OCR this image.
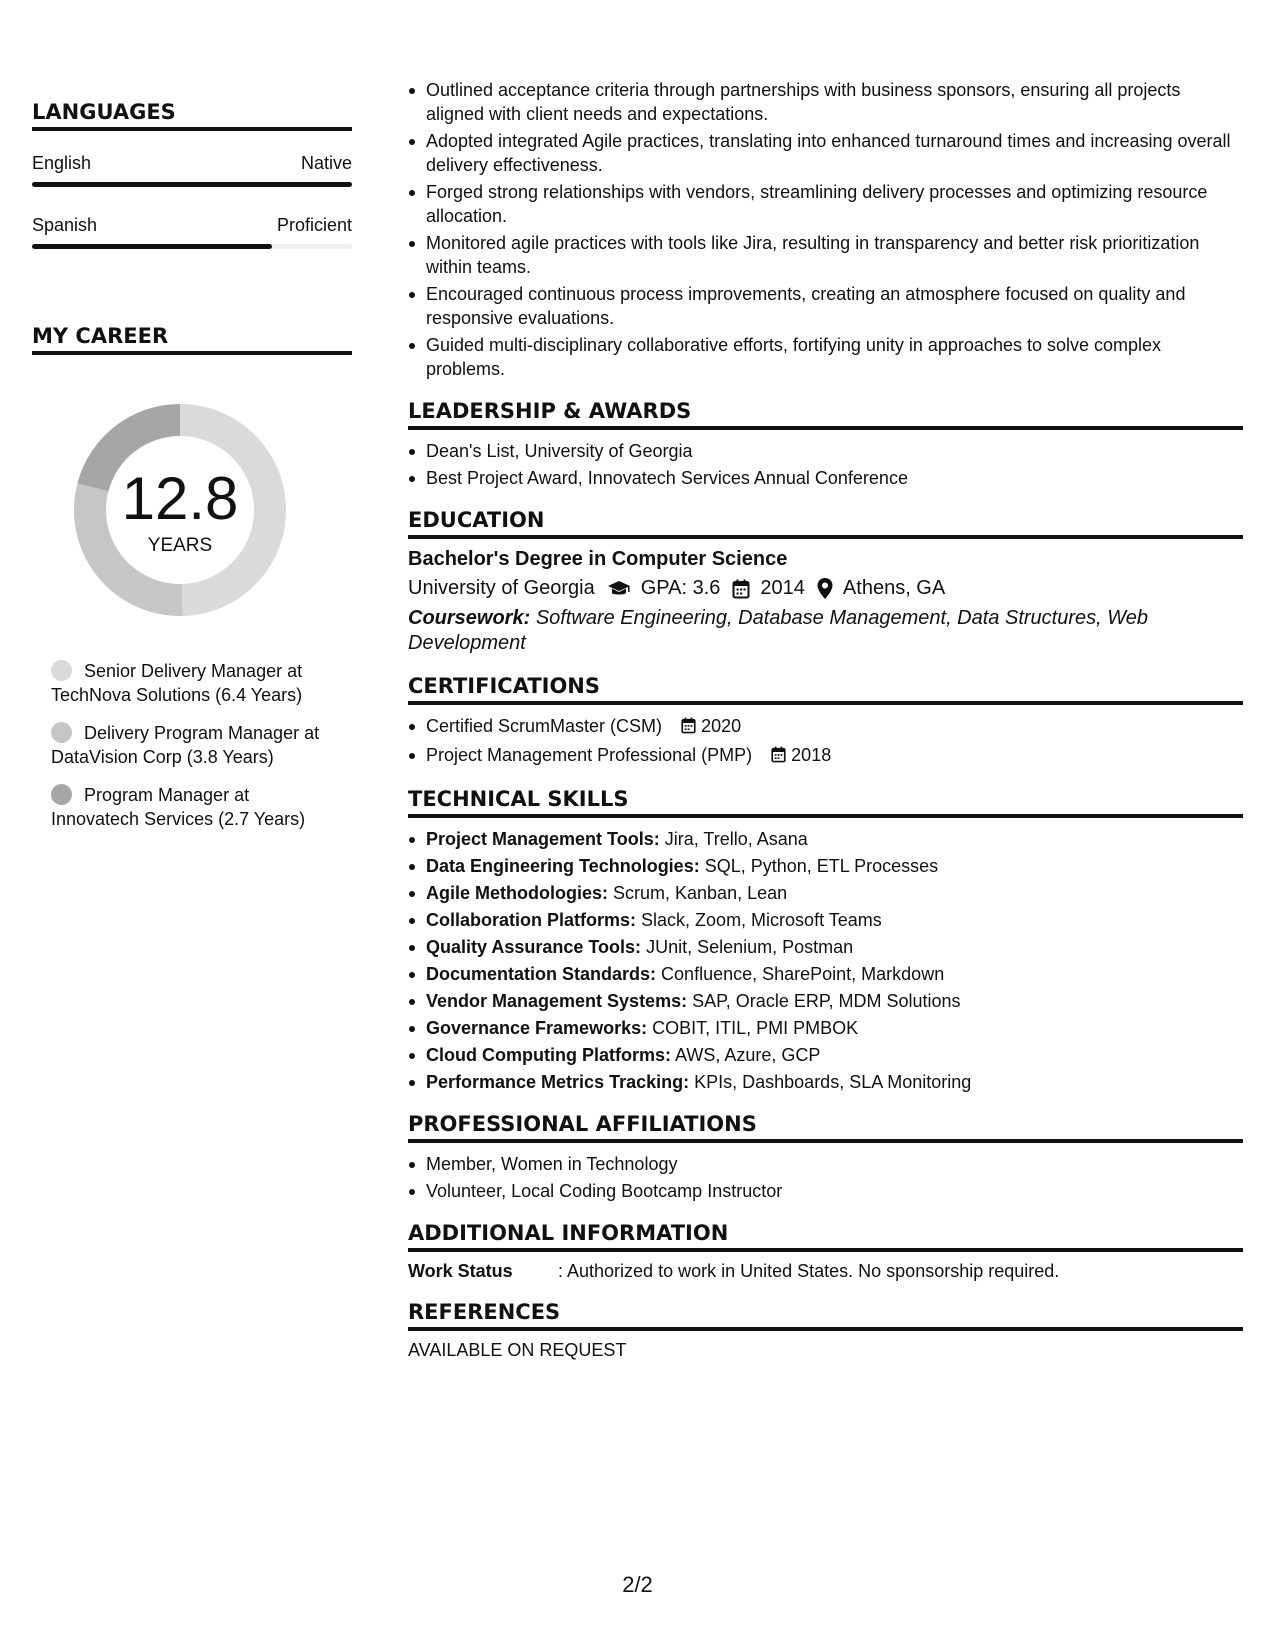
LANGUAGES
English	Native
Spanish	Proficient
MY CAREER
12.8
YEARS
Senior Delivery Manager at TechNova Solutions (6.4 Years)
Delivery Program Manager at DataVision Corp (3.8 Years)
Program Manager at Innovatech Services (2.7 Years)
Outlined acceptance criteria through partnerships with business sponsors, ensuring all projects aligned with client needs and expectations.
Adopted integrated Agile practices, translating into enhanced turnaround times and increasing overall delivery effectiveness.
Forged strong relationships with vendors, streamlining delivery processes and optimizing resource allocation.
Monitored agile practices with tools like Jira, resulting in transparency and better risk prioritization within teams.
Encouraged continuous process improvements, creating an atmosphere focused on quality and responsive evaluations.
Guided multi-disciplinary collaborative efforts, fortifying unity in approaches to solve complex problems.
LEADERSHIP & AWARDS
Dean's List, University of Georgia
Best Project Award, Innovatech Services Annual Conference
EDUCATION
Bachelor's Degree in Computer Science
University of Georgia GPA: 3.6 2014 Athens, GA
Coursework: Software Engineering, Database Management, Data Structures, Web Development
CERTIFICATIONS
Certified ScrumMaster (CSM) 2020
Project Management Professional (PMP) 2018
TECHNICAL SKILLS
Project Management Tools: Jira, Trello, Asana
Data Engineering Technologies: SQL, Python, ETL Processes
Agile Methodologies: Scrum, Kanban, Lean
Collaboration Platforms: Slack, Zoom, Microsoft Teams
Quality Assurance Tools: JUnit, Selenium, Postman
Documentation Standards: Confluence, SharePoint, Markdown
Vendor Management Systems: SAP, Oracle ERP, MDM Solutions
Governance Frameworks: COBIT, ITIL, PMI PMBOK
Cloud Computing Platforms: AWS, Azure, GCP
Performance Metrics Tracking: KPIs, Dashboards, SLA Monitoring
PROFESSIONAL AFFILIATIONS
Member, Women in Technology
Volunteer, Local Coding Bootcamp Instructor
ADDITIONAL INFORMATION
Work Status	: Authorized to work in United States. No sponsorship required.
REFERENCES
AVAILABLE ON REQUEST
2/2
